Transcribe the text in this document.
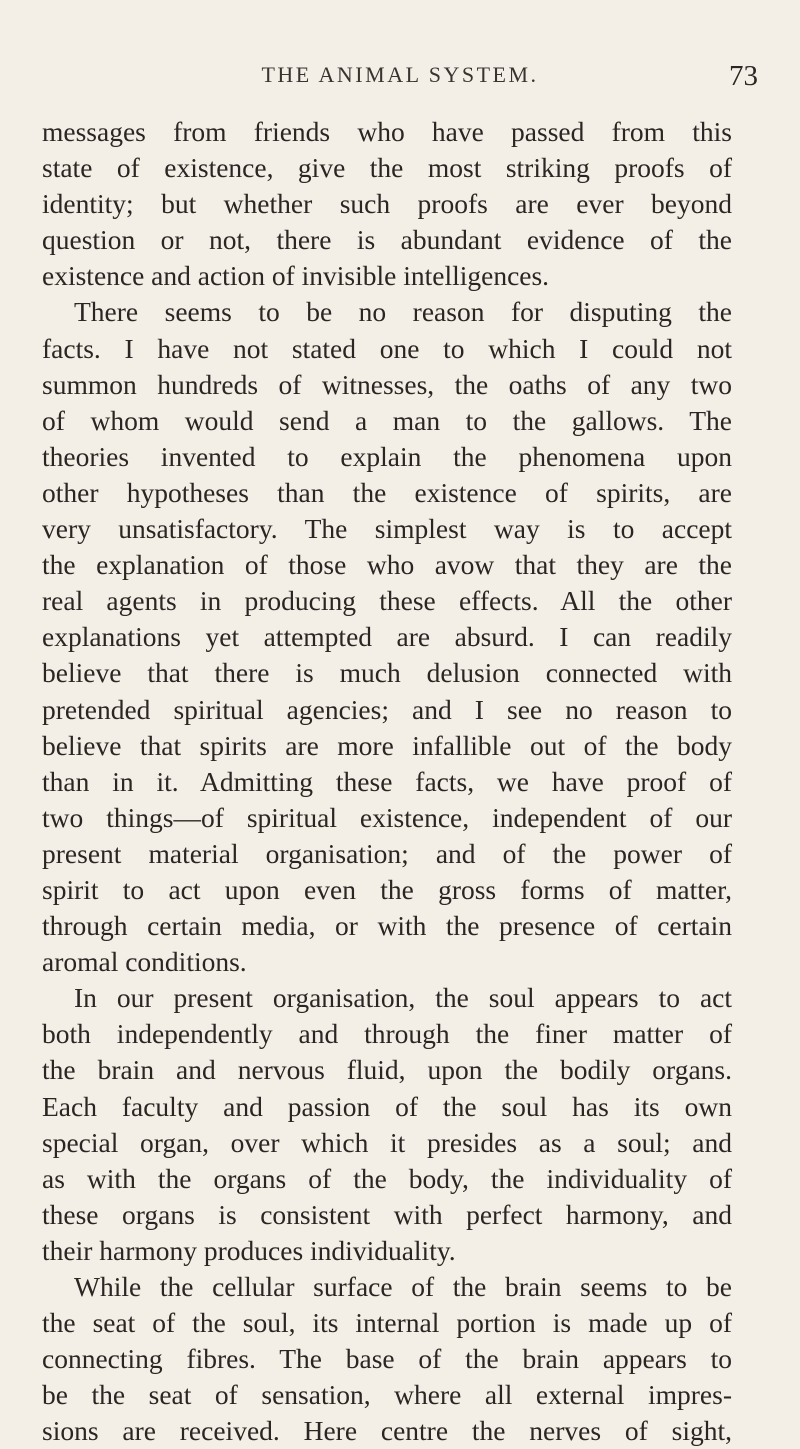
THE ANIMAL SYSTEM.	73
messages from friends who have passed from this
state of existence, give the most striking proofs of
identity; but whether such proofs are ever beyond
question or not, there is abundant evidence of the
existence and action of invisible intelligences.
There seems to be no reason for disputing the
facts. I have not stated one to which I could not
summon hundreds of witnesses, the oaths of any two
of whom would send a man to the gallows. The
theories invented to explain the phenomena upon
other hypotheses than the existence of spirits, are
very unsatisfactory. The simplest way is to accept
the explanation of those who avow that they are the
real agents in producing these effects. All the other
explanations yet attempted are absurd. I can readily
believe that there is much delusion connected with
pretended spiritual agencies; and I see no reason to
believe that spirits are more infallible out of the body
than in it. Admitting these facts, we have proof of
two things—of spiritual existence, independent of our
present material organisation; and of the power of
spirit to act upon even the gross forms of matter,
through certain media, or with the presence of certain
aromal conditions.
In our present organisation, the soul appears to act
both independently and through the finer matter of
the brain and nervous fluid, upon the bodily organs.
Each faculty and passion of the soul has its own
special organ, over which it presides as a soul; and
as with the organs of the body, the individuality of
these organs is consistent with perfect harmony, and
their harmony produces individuality.
While the cellular surface of the brain seems to be
the seat of the soul, its internal portion is made up of
connecting fibres. The base of the brain appears to
be the seat of sensation, where all external impres-
sions are received. Here centre the nerves of sight,
